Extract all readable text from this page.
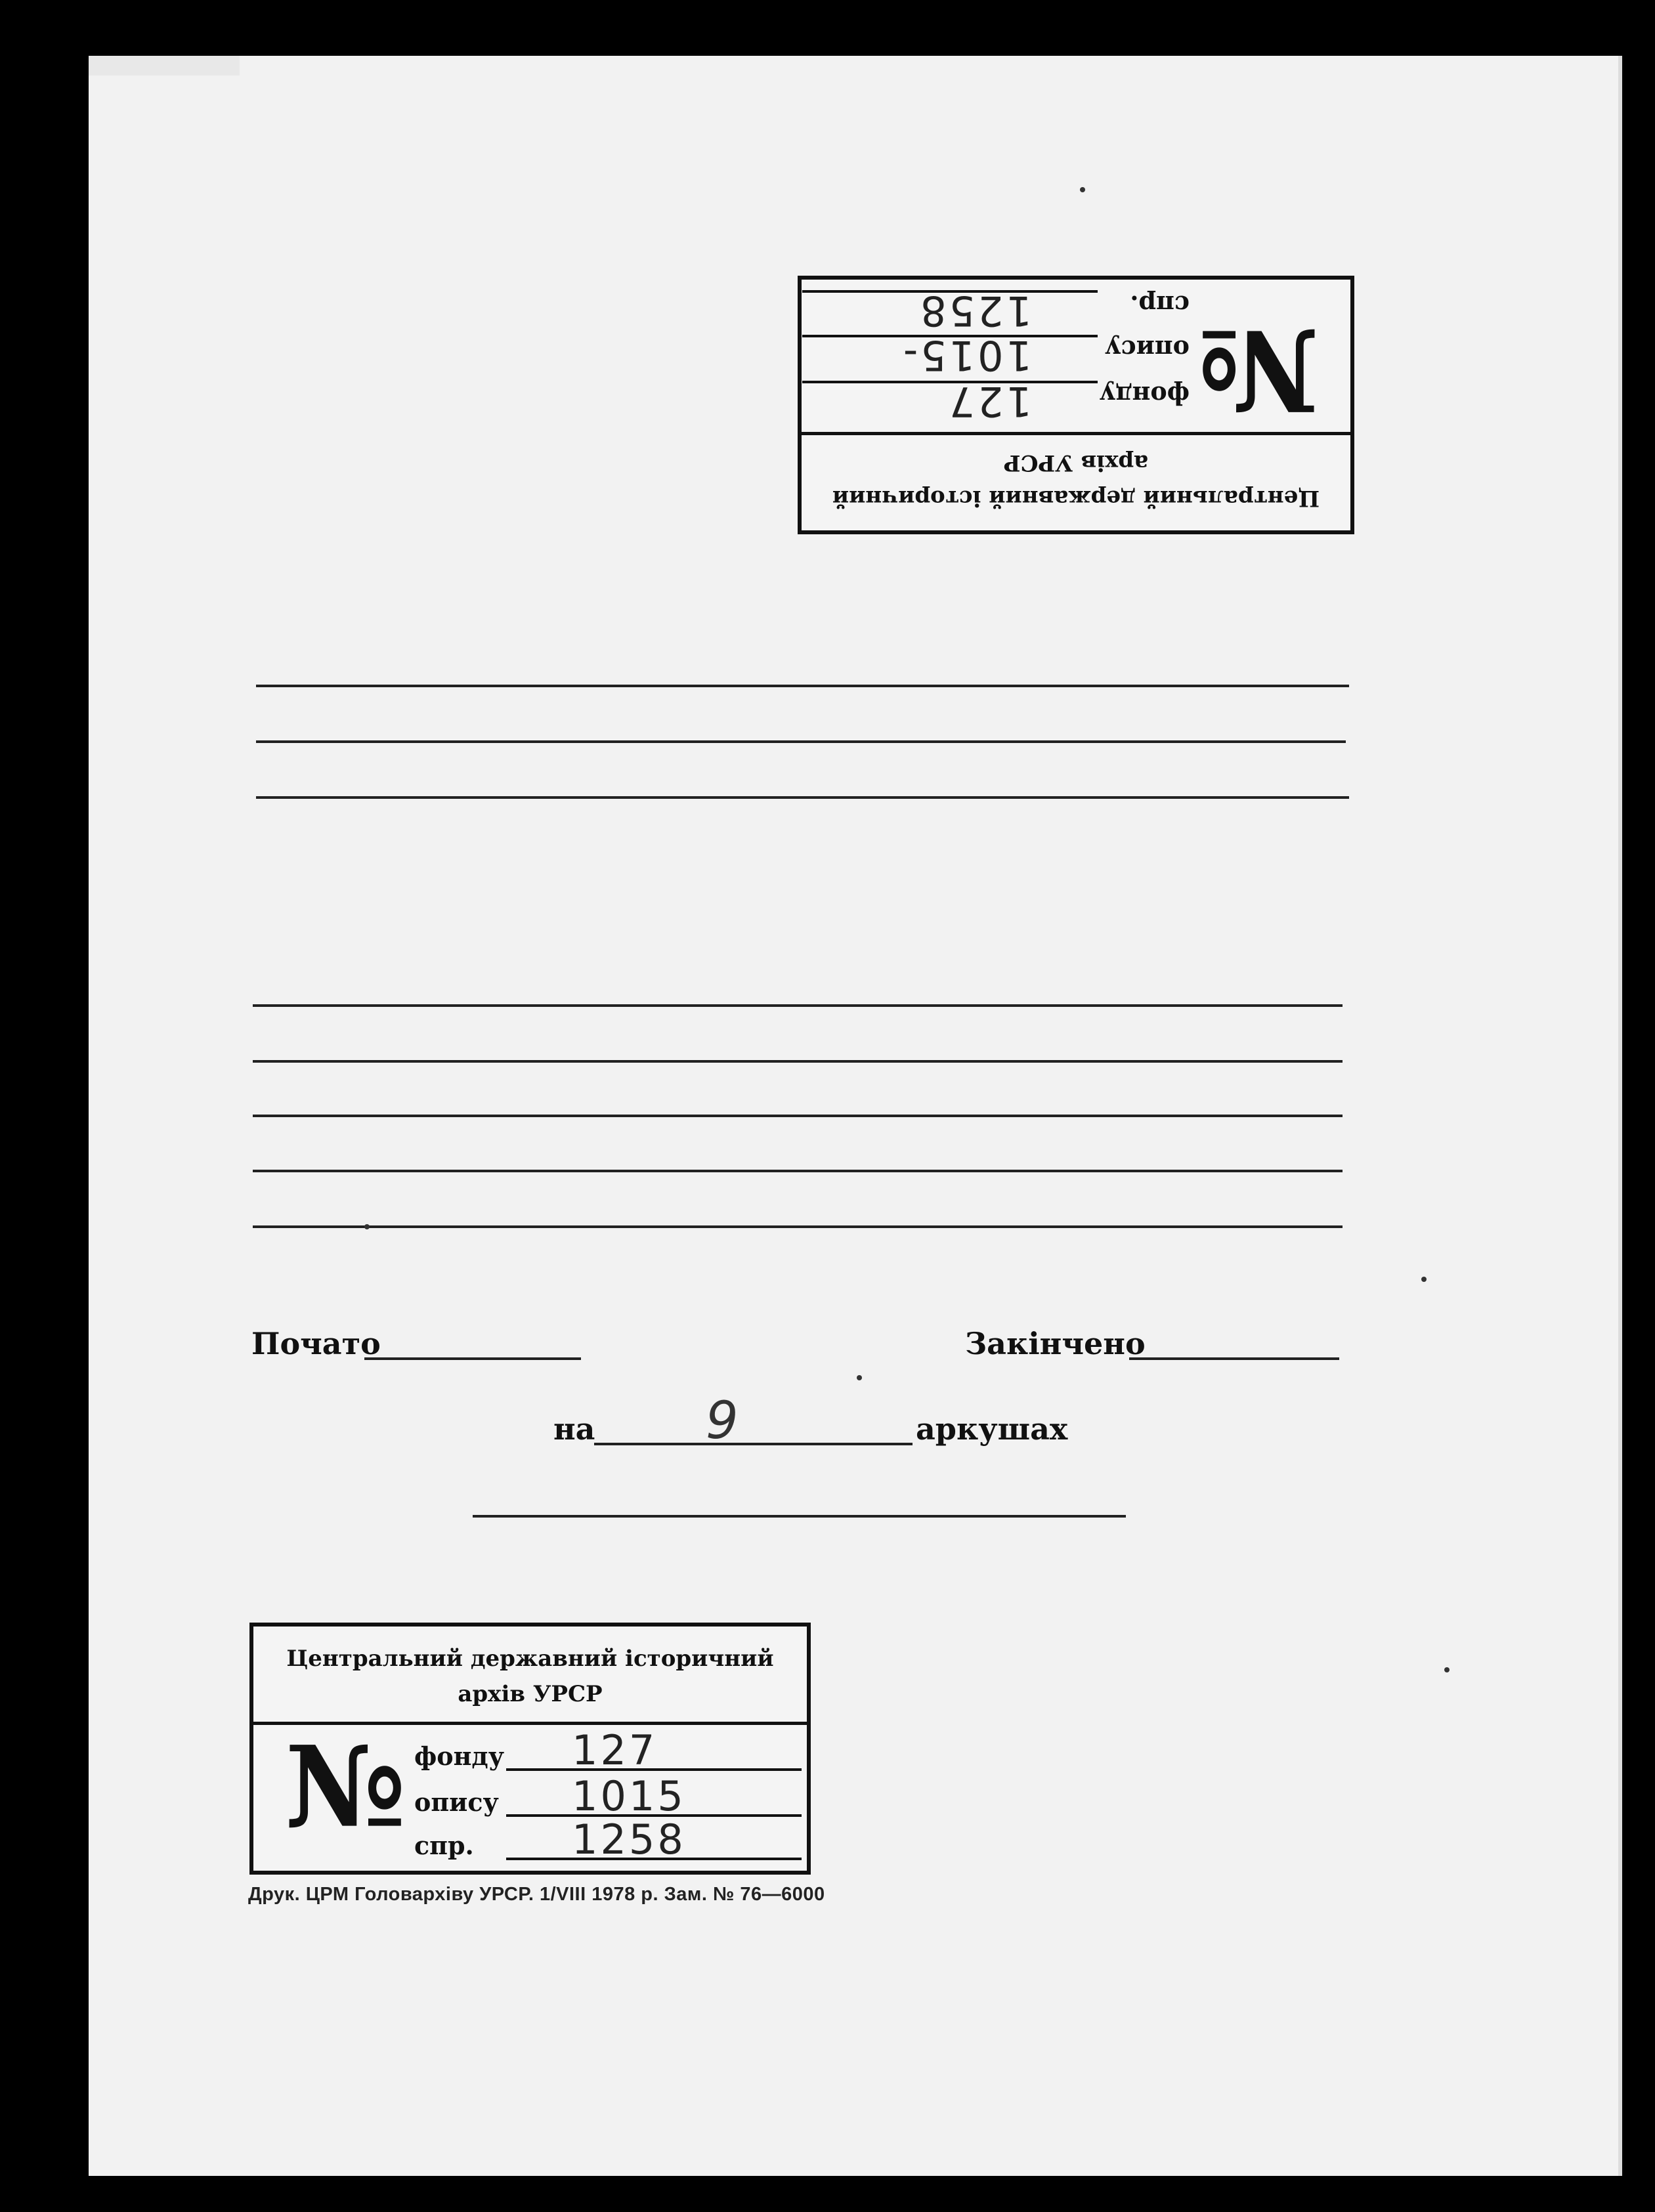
Центральний державний історичний
архів УРСР
№
фонду
127
опису
1015-
спр.
1258
Почато	Закінчено
на 9	аркушах
Центральний державний історичний
архів УРСР
№ фонду 127
опису 1015
спр. 1258
Друк. ЦРМ Головархіву УРСР. 1/VIII 1978 р. Зам. № 76—6000
